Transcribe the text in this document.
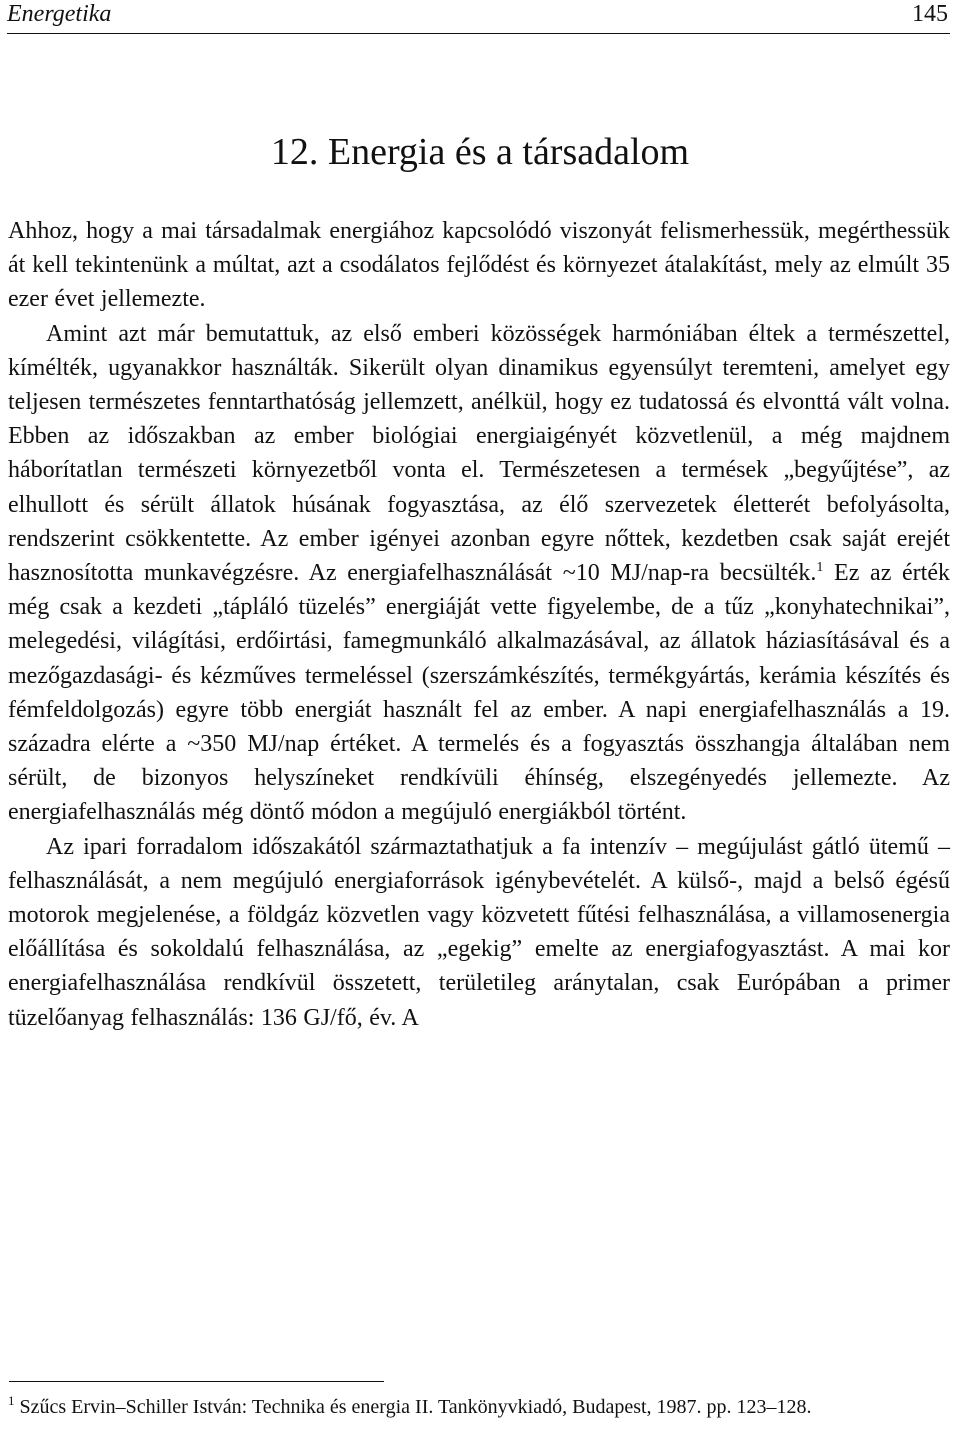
Energetika	145
12. Energia és a társadalom

Ahhoz, hogy a mai társadalmak energiához kapcsolódó viszonyát felismerhessük, megérthessük át kell tekintenünk a múltat, azt a csodálatos fejlődést és környezet átalakítást, mely az elmúlt 35 ezer évet jellemezte.

Amint azt már bemutattuk, az első emberi közösségek harmóniában éltek a természettel, kímélték, ugyanakkor használták. Sikerült olyan dinamikus egyensúlyt teremteni, amelyet egy teljesen természetes fenntarthatóság jellemzett, anélkül, hogy ez tudatossá és elvonttá vált volna. Ebben az időszakban az ember biológiai energiaigényét közvetlenül, a még majdnem háborítatlan természeti környezetből vonta el. Természetesen a termések „begyűjtése”, az elhullott és sérült állatok húsának fogyasztása, az élő szervezetek életterét befolyásolta, rendszerint csökkentette. Az ember igényei azonban egyre nőttek, kezdetben csak saját erejét hasznosította munkavégzésre. Az energiafelhasználását ~10 MJ/nap-ra becsülték.$^1$ Ez az érték még csak a kezdeti „tápláló tüzelés” energiáját vette figyelembe, de a tűz „konyhatechnikai”, melegedési, világítási, erdőirtási, famegmunkáló alkalmazásával, az állatok háziasításával és a mezőgazdasági- és kézműves termeléssel (szerszámkészítés, termékgyártás, kerámia készítés és fémfeldolgozás) egyre több energiát használt fel az ember. A napi energiafelhasználás a 19. századra elérte a ~350 MJ/nap értéket. A termelés és a fogyasztás összhangja általában nem sérült, de bizonyos helyszíneket rendkívüli éhínség, elszegényedés jellemezte. Az energiafelhasználás még döntő módon a megújuló energiákból történt.

Az ipari forradalom időszakától származtathatjuk a fa intenzív – megújulást gátló ütemű – felhasználását, a nem megújuló energiaforrások igénybevételét. A külső-, majd a belső égésű motorok megjelenése, a földgáz közvetlen vagy közvetett fűtési felhasználása, a villamosenergia előállítása és sokoldalú felhasználása, az „egekig” emelte az energiafogyasztást. A mai kor energiafelhasználása rendkívül összetett, területileg aránytalan, csak Európában a primer tüzelőanyag felhasználás: 136 GJ/fő, év. A

$^1$ Szűcs Ervin–Schiller István: Technika és energia II. Tankönyvkiadó, Budapest, 1987. pp. 123–128.
